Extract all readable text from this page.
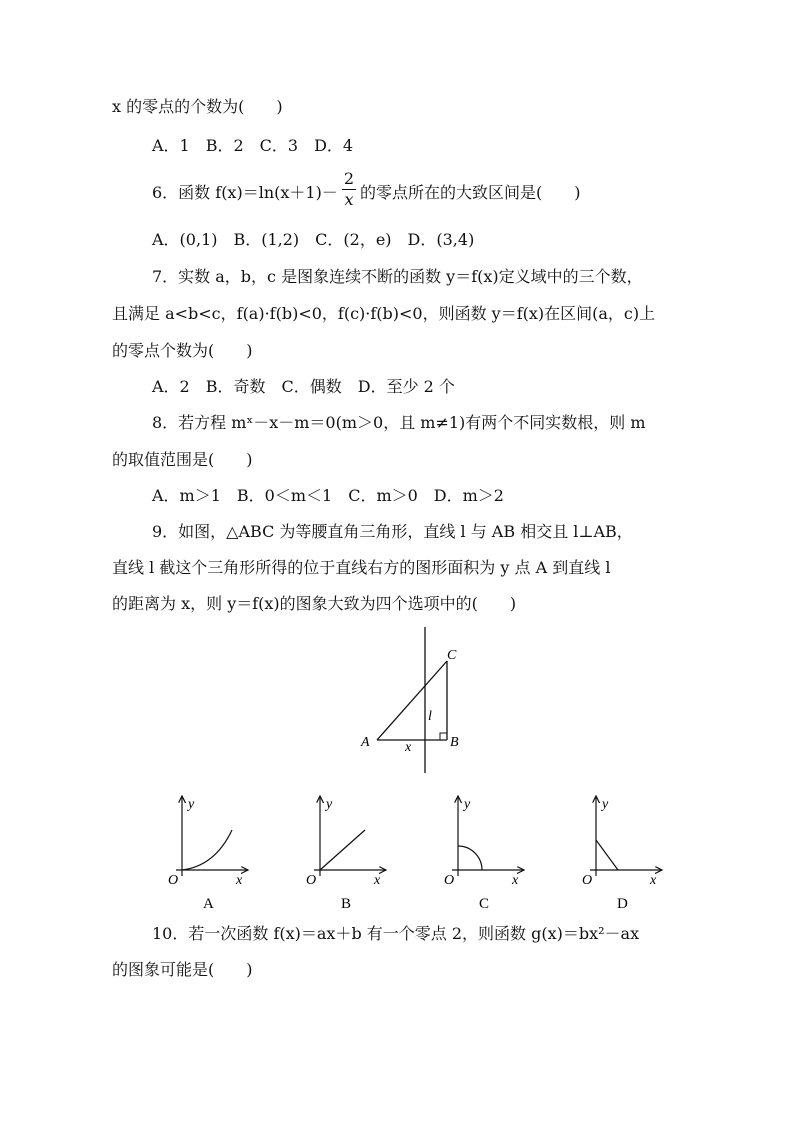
x 的零点的个数为(　　)
A．1　B．2　C．3　D．4
6．函数 f(x)＝ln(x＋1)－ 的零点所在的大致区间是(　　)
A．(0,1)　B．(1,2)　C．(2，e)　D．(3,4)
7．实数 a，b，c 是图象连续不断的函数 y＝f(x)定义域中的三个数，
且满足 a<b<c，f(a)·f(b)<0，f(c)·f(b)<0，则函数 y＝f(x)在区间(a，c)上
的零点个数为(　　)
A．2　B．奇数　C．偶数　D．至少 2 个
8．若方程 mˣ－x－m＝0(m＞0，且 m≠1)有两个不同实数根，则 m
的取值范围是(　　)
A．m＞1　B．0＜m＜1　C．m＞0　D．m＞2
9．如图，△ABC 为等腰直角三角形，直线 l 与 AB 相交且 l⊥AB，
直线 l 截这个三角形所得的位于直线右方的图形面积为 y 点 A 到直线 l
的距离为 x，则 y＝f(x)的图象大致为四个选项中的(　　)
10．若一次函数 f(x)＝ax＋b 有一个零点 2，则函数 g(x)＝bx²－ax
的图象可能是(　　)
2
x
C
A	B
l
x
y
x
O
A
y
x
O
B
y
x
O
C
y
x
O
D
